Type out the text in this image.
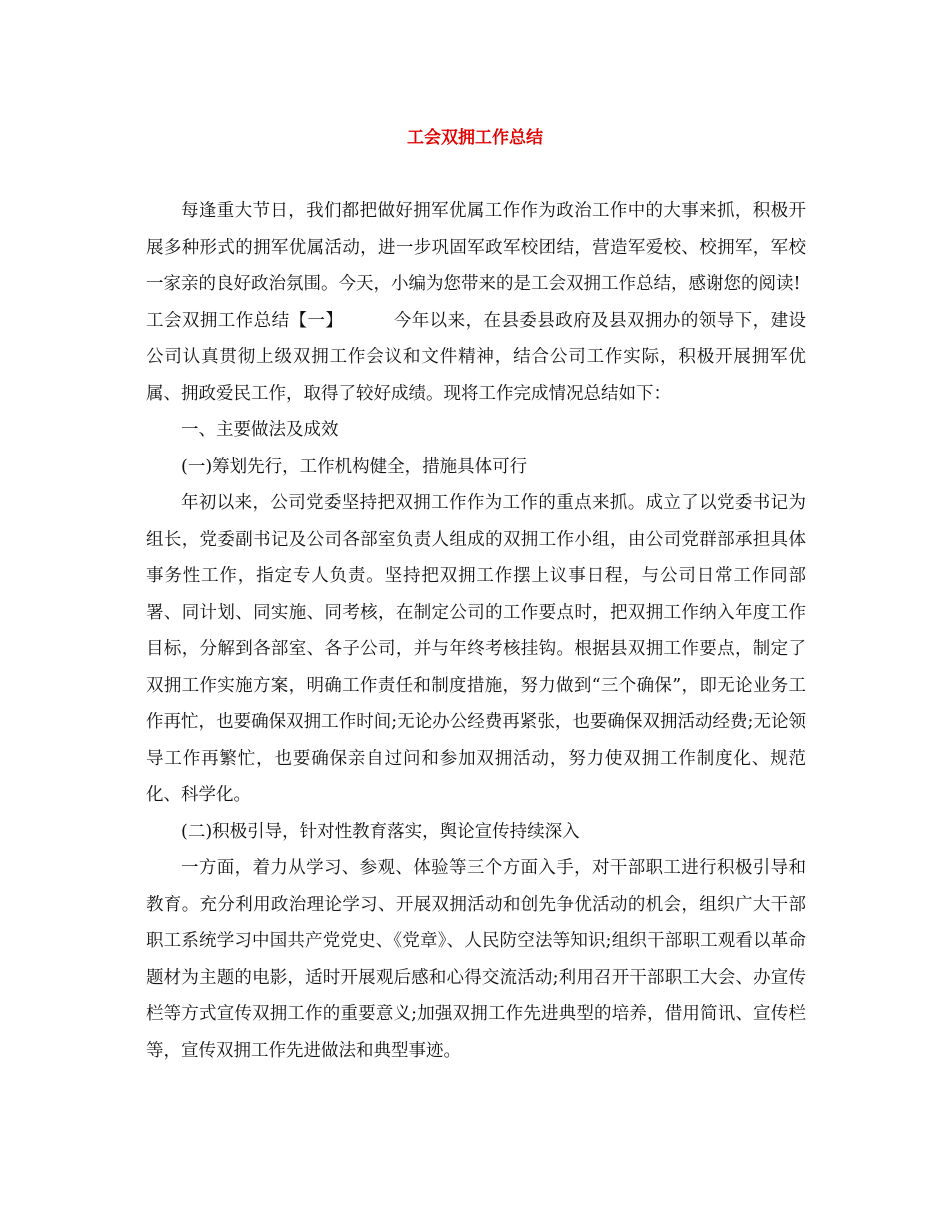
工会双拥工作总结

每逢重大节日，我们都把做好拥军优属工作作为政治工作中的大事来抓，积极开展多种形式的拥军优属活动，进一步巩固军政军校团结，营造军爱校、校拥军，军校一家亲的良好政治氛围。今天，小编为您带来的是工会双拥工作总结，感谢您的阅读!

工会双拥工作总结【一】	今年以来，在县委县政府及县双拥办的领导下，建设公司认真贯彻上级双拥工作会议和文件精神，结合公司工作实际，积极开展拥军优属、拥政爱民工作，取得了较好成绩。现将工作完成情况总结如下：

一、主要做法及成效

(一)筹划先行，工作机构健全，措施具体可行

年初以来，公司党委坚持把双拥工作作为工作的重点来抓。成立了以党委书记为组长，党委副书记及公司各部室负责人组成的双拥工作小组，由公司党群部承担具体事务性工作，指定专人负责。坚持把双拥工作摆上议事日程，与公司日常工作同部署、同计划、同实施、同考核，在制定公司的工作要点时，把双拥工作纳入年度工作目标，分解到各部室、各子公司，并与年终考核挂钩。根据县双拥工作要点，制定了双拥工作实施方案，明确工作责任和制度措施，努力做到“三个确保”，即无论业务工作再忙，也要确保双拥工作时间;无论办公经费再紧张，也要确保双拥活动经费;无论领导工作再繁忙，也要确保亲自过问和参加双拥活动，努力使双拥工作制度化、规范化、科学化。

(二)积极引导，针对性教育落实，舆论宣传持续深入

一方面，着力从学习、参观、体验等三个方面入手，对干部职工进行积极引导和教育。充分利用政治理论学习、开展双拥活动和创先争优活动的机会，组织广大干部职工系统学习中国共产党党史、《党章》、人民防空法等知识;组织干部职工观看以革命题材为主题的电影，适时开展观后感和心得交流活动;利用召开干部职工大会、办宣传栏等方式宣传双拥工作的重要意义;加强双拥工作先进典型的培养，借用简讯、宣传栏等，宣传双拥工作先进做法和典型事迹。
